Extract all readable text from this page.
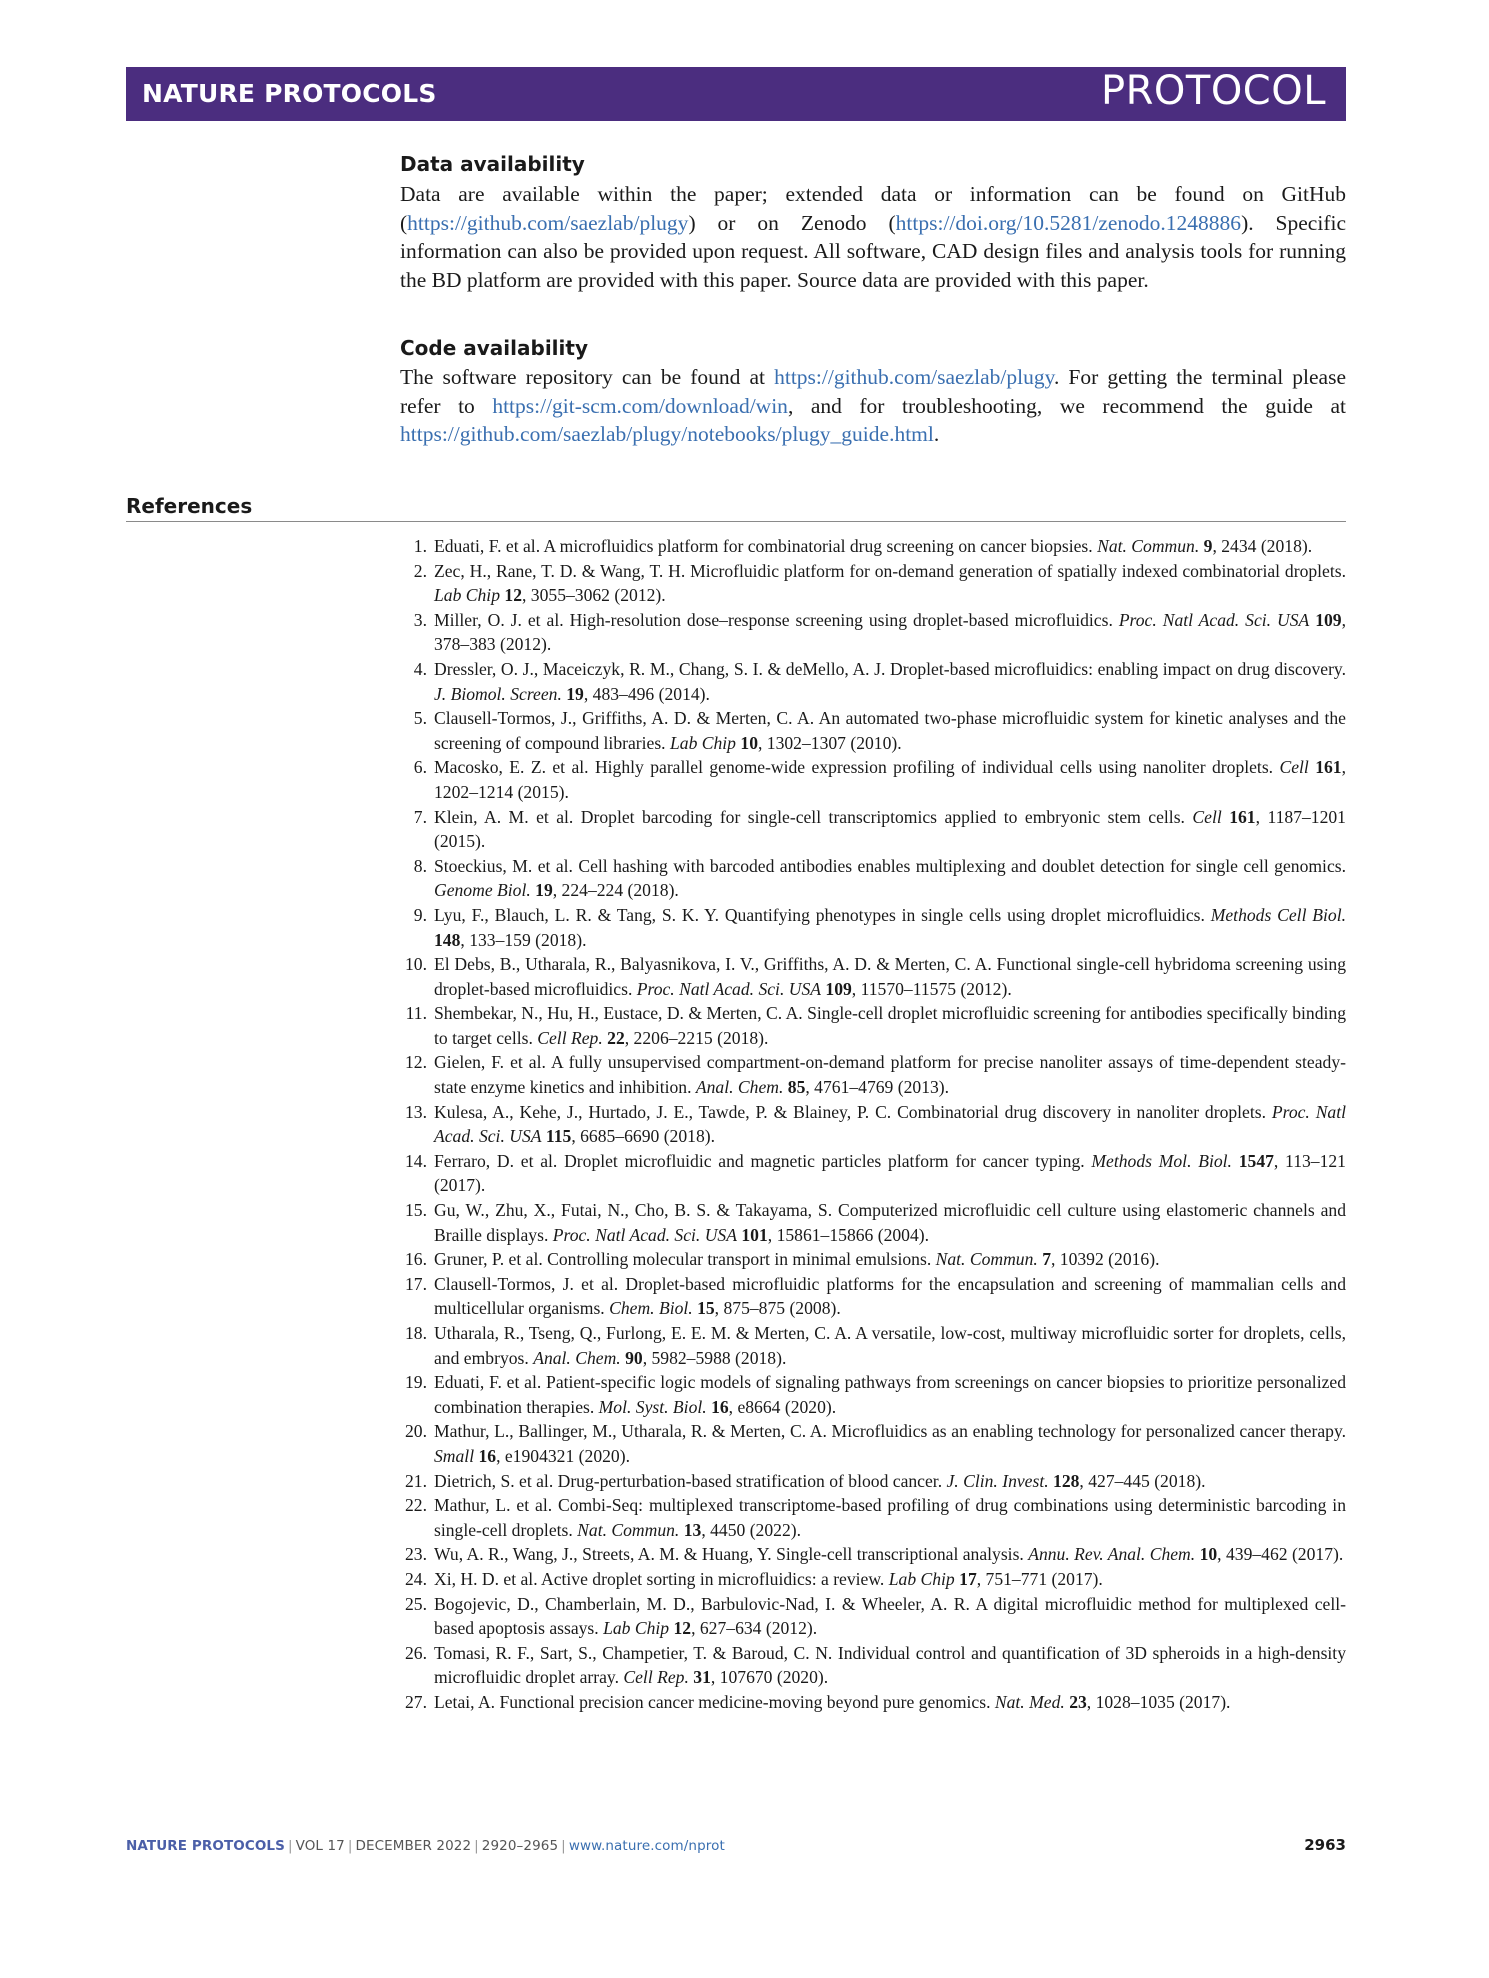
NATURE PROTOCOLS	PROTOCOL
Data availability
Data are available within the paper; extended data or information can be found on GitHub (https://github.com/saezlab/plugy) or on Zenodo (https://doi.org/10.5281/zenodo.1248886). Specific information can also be provided upon request. All software, CAD design files and analysis tools for running the BD platform are provided with this paper. Source data are provided with this paper.
Code availability
The software repository can be found at https://github.com/saezlab/plugy. For getting the terminal please refer to https://git-scm.com/download/win, and for troubleshooting, we recommend the guide at https://github.com/saezlab/plugy/notebooks/plugy_guide.html.
References
1. Eduati, F. et al. A microfluidics platform for combinatorial drug screening on cancer biopsies. Nat. Commun. 9, 2434 (2018).
2. Zec, H., Rane, T. D. & Wang, T. H. Microfluidic platform for on-demand generation of spatially indexed combinatorial droplets. Lab Chip 12, 3055–3062 (2012).
3. Miller, O. J. et al. High-resolution dose–response screening using droplet-based microfluidics. Proc. Natl Acad. Sci. USA 109, 378–383 (2012).
4. Dressler, O. J., Maceiczyk, R. M., Chang, S. I. & deMello, A. J. Droplet-based microfluidics: enabling impact on drug discovery. J. Biomol. Screen. 19, 483–496 (2014).
5. Clausell-Tormos, J., Griffiths, A. D. & Merten, C. A. An automated two-phase microfluidic system for kinetic analyses and the screening of compound libraries. Lab Chip 10, 1302–1307 (2010).
6. Macosko, E. Z. et al. Highly parallel genome-wide expression profiling of individual cells using nanoliter droplets. Cell 161, 1202–1214 (2015).
7. Klein, A. M. et al. Droplet barcoding for single-cell transcriptomics applied to embryonic stem cells. Cell 161, 1187–1201 (2015).
8. Stoeckius, M. et al. Cell hashing with barcoded antibodies enables multiplexing and doublet detection for single cell genomics. Genome Biol. 19, 224–224 (2018).
9. Lyu, F., Blauch, L. R. & Tang, S. K. Y. Quantifying phenotypes in single cells using droplet microfluidics. Methods Cell Biol. 148, 133–159 (2018).
10. El Debs, B., Utharala, R., Balyasnikova, I. V., Griffiths, A. D. & Merten, C. A. Functional single-cell hybridoma screening using droplet-based microfluidics. Proc. Natl Acad. Sci. USA 109, 11570–11575 (2012).
11. Shembekar, N., Hu, H., Eustace, D. & Merten, C. A. Single-cell droplet microfluidic screening for antibodies specifically binding to target cells. Cell Rep. 22, 2206–2215 (2018).
12. Gielen, F. et al. A fully unsupervised compartment-on-demand platform for precise nanoliter assays of time-dependent steady-state enzyme kinetics and inhibition. Anal. Chem. 85, 4761–4769 (2013).
13. Kulesa, A., Kehe, J., Hurtado, J. E., Tawde, P. & Blainey, P. C. Combinatorial drug discovery in nanoliter droplets. Proc. Natl Acad. Sci. USA 115, 6685–6690 (2018).
14. Ferraro, D. et al. Droplet microfluidic and magnetic particles platform for cancer typing. Methods Mol. Biol. 1547, 113–121 (2017).
15. Gu, W., Zhu, X., Futai, N., Cho, B. S. & Takayama, S. Computerized microfluidic cell culture using elastomeric channels and Braille displays. Proc. Natl Acad. Sci. USA 101, 15861–15866 (2004).
16. Gruner, P. et al. Controlling molecular transport in minimal emulsions. Nat. Commun. 7, 10392 (2016).
17. Clausell-Tormos, J. et al. Droplet-based microfluidic platforms for the encapsulation and screening of mammalian cells and multicellular organisms. Chem. Biol. 15, 875–875 (2008).
18. Utharala, R., Tseng, Q., Furlong, E. E. M. & Merten, C. A. A versatile, low-cost, multiway microfluidic sorter for droplets, cells, and embryos. Anal. Chem. 90, 5982–5988 (2018).
19. Eduati, F. et al. Patient-specific logic models of signaling pathways from screenings on cancer biopsies to prioritize personalized combination therapies. Mol. Syst. Biol. 16, e8664 (2020).
20. Mathur, L., Ballinger, M., Utharala, R. & Merten, C. A. Microfluidics as an enabling technology for personalized cancer therapy. Small 16, e1904321 (2020).
21. Dietrich, S. et al. Drug-perturbation-based stratification of blood cancer. J. Clin. Invest. 128, 427–445 (2018).
22. Mathur, L. et al. Combi-Seq: multiplexed transcriptome-based profiling of drug combinations using deterministic barcoding in single-cell droplets. Nat. Commun. 13, 4450 (2022).
23. Wu, A. R., Wang, J., Streets, A. M. & Huang, Y. Single-cell transcriptional analysis. Annu. Rev. Anal. Chem. 10, 439–462 (2017).
24. Xi, H. D. et al. Active droplet sorting in microfluidics: a review. Lab Chip 17, 751–771 (2017).
25. Bogojevic, D., Chamberlain, M. D., Barbulovic-Nad, I. & Wheeler, A. R. A digital microfluidic method for multiplexed cell-based apoptosis assays. Lab Chip 12, 627–634 (2012).
26. Tomasi, R. F., Sart, S., Champetier, T. & Baroud, C. N. Individual control and quantification of 3D spheroids in a high-density microfluidic droplet array. Cell Rep. 31, 107670 (2020).
27. Letai, A. Functional precision cancer medicine-moving beyond pure genomics. Nat. Med. 23, 1028–1035 (2017).
NATURE PROTOCOLS | VOL 17 | DECEMBER 2022 | 2920–2965 | www.nature.com/nprot	2963
